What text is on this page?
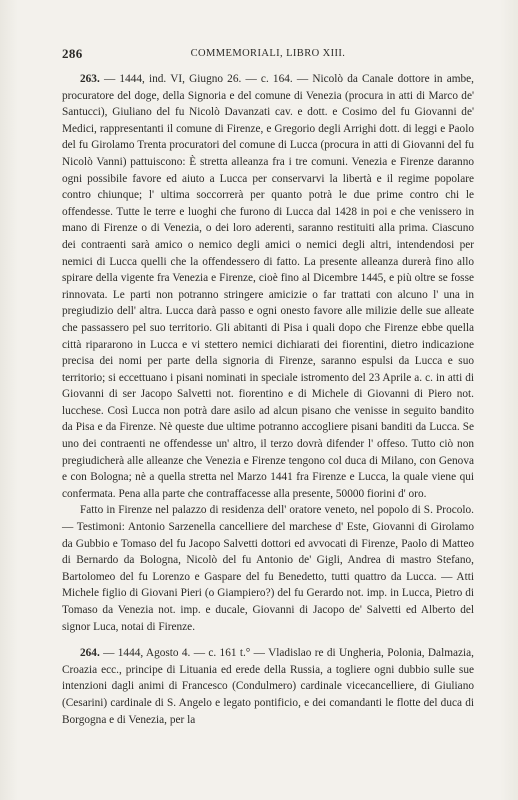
286	COMMEMORIALI, LIBRO XIII.

263. — 1444, ind. VI, Giugno 26. — c. 164. — Nicolò da Canale dottore in ambe, procuratore del doge, della Signoria e del comune di Venezia (procura in atti di Marco de' Santucci), Giuliano del fu Nicolò Davanzati cav. e dott. e Cosimo del fu Giovanni de' Medici, rappresentanti il comune di Firenze, e Gregorio degli Arrighi dott. di leggi e Paolo del fu Girolamo Trenta procuratori del comune di Lucca (procura in atti di Giovanni del fu Nicolò Vanni) pattuiscono: È stretta alleanza fra i tre comuni. Venezia e Firenze daranno ogni possibile favore ed aiuto a Lucca per conservarvi la libertà e il regime popolare contro chiunque; l' ultima soccorrerà per quanto potrà le due prime contro chi le offendesse. Tutte le terre e luoghi che furono di Lucca dal 1428 in poi e che venissero in mano di Firenze o di Venezia, o dei loro aderenti, saranno restituiti alla prima. Ciascuno dei contraenti sarà amico o nemico degli amici o nemici degli altri, intendendosi per nemici di Lucca quelli che la offendessero di fatto. La presente alleanza durerà fino allo spirare della vigente fra Venezia e Firenze, cioè fino al Dicembre 1445, e più oltre se fosse rinnovata. Le parti non potranno stringere amicizie o far trattati con alcuno l' una in pregiudizio dell' altra. Lucca darà passo e ogni onesto favore alle milizie delle sue alleate che passassero pel suo territorio. Gli abitanti di Pisa i quali dopo che Firenze ebbe quella città ripararono in Lucca e vi stettero nemici dichiarati dei fiorentini, dietro indicazione precisa dei nomi per parte della signoria di Firenze, saranno espulsi da Lucca e suo territorio; si eccettuano i pisani nominati in speciale istromento del 23 Aprile a. c. in atti di Giovanni di ser Jacopo Salvetti not. fiorentino e di Michele di Giovanni di Piero not. lucchese. Così Lucca non potrà dare asilo ad alcun pisano che venisse in seguito bandito da Pisa e da Firenze. Nè queste due ultime potranno accogliere pisani banditi da Lucca. Se uno dei contraenti ne offendesse un' altro, il terzo dovrà difender l' offeso. Tutto ciò non pregiudicherà alle alleanze che Venezia e Firenze tengono col duca di Milano, con Genova e con Bologna; nè a quella stretta nel Marzo 1441 fra Firenze e Lucca, la quale viene qui confermata. Pena alla parte che contraffacesse alla presente, 50000 fiorini d' oro.

Fatto in Firenze nel palazzo di residenza dell' oratore veneto, nel popolo di S. Procolo. — Testimoni: Antonio Sarzenella cancelliere del marchese d' Este, Giovanni di Girolamo da Gubbio e Tomaso del fu Jacopo Salvetti dottori ed avvocati di Firenze, Paolo di Matteo di Bernardo da Bologna, Nicolò del fu Antonio de' Gigli, Andrea di mastro Stefano, Bartolomeo del fu Lorenzo e Gaspare del fu Benedetto, tutti quattro da Lucca. — Atti Michele figlio di Giovani Pieri (o Giampiero?) del fu Gerardo not. imp. in Lucca, Pietro di Tomaso da Venezia not. imp. e ducale, Giovanni di Jacopo de' Salvetti ed Alberto del signor Luca, notai di Firenze.

264. — 1444, Agosto 4. — c. 161 t.° — Vladislao re di Ungheria, Polonia, Dalmazia, Croazia ecc., principe di Lituania ed erede della Russia, a togliere ogni dubbio sulle sue intenzioni dagli animi di Francesco (Condulmero) cardinale vicecancelliere, di Giuliano (Cesarini) cardinale di S. Angelo e legato pontificio, e dei comandanti le flotte del duca di Borgogna e di Venezia, per la
